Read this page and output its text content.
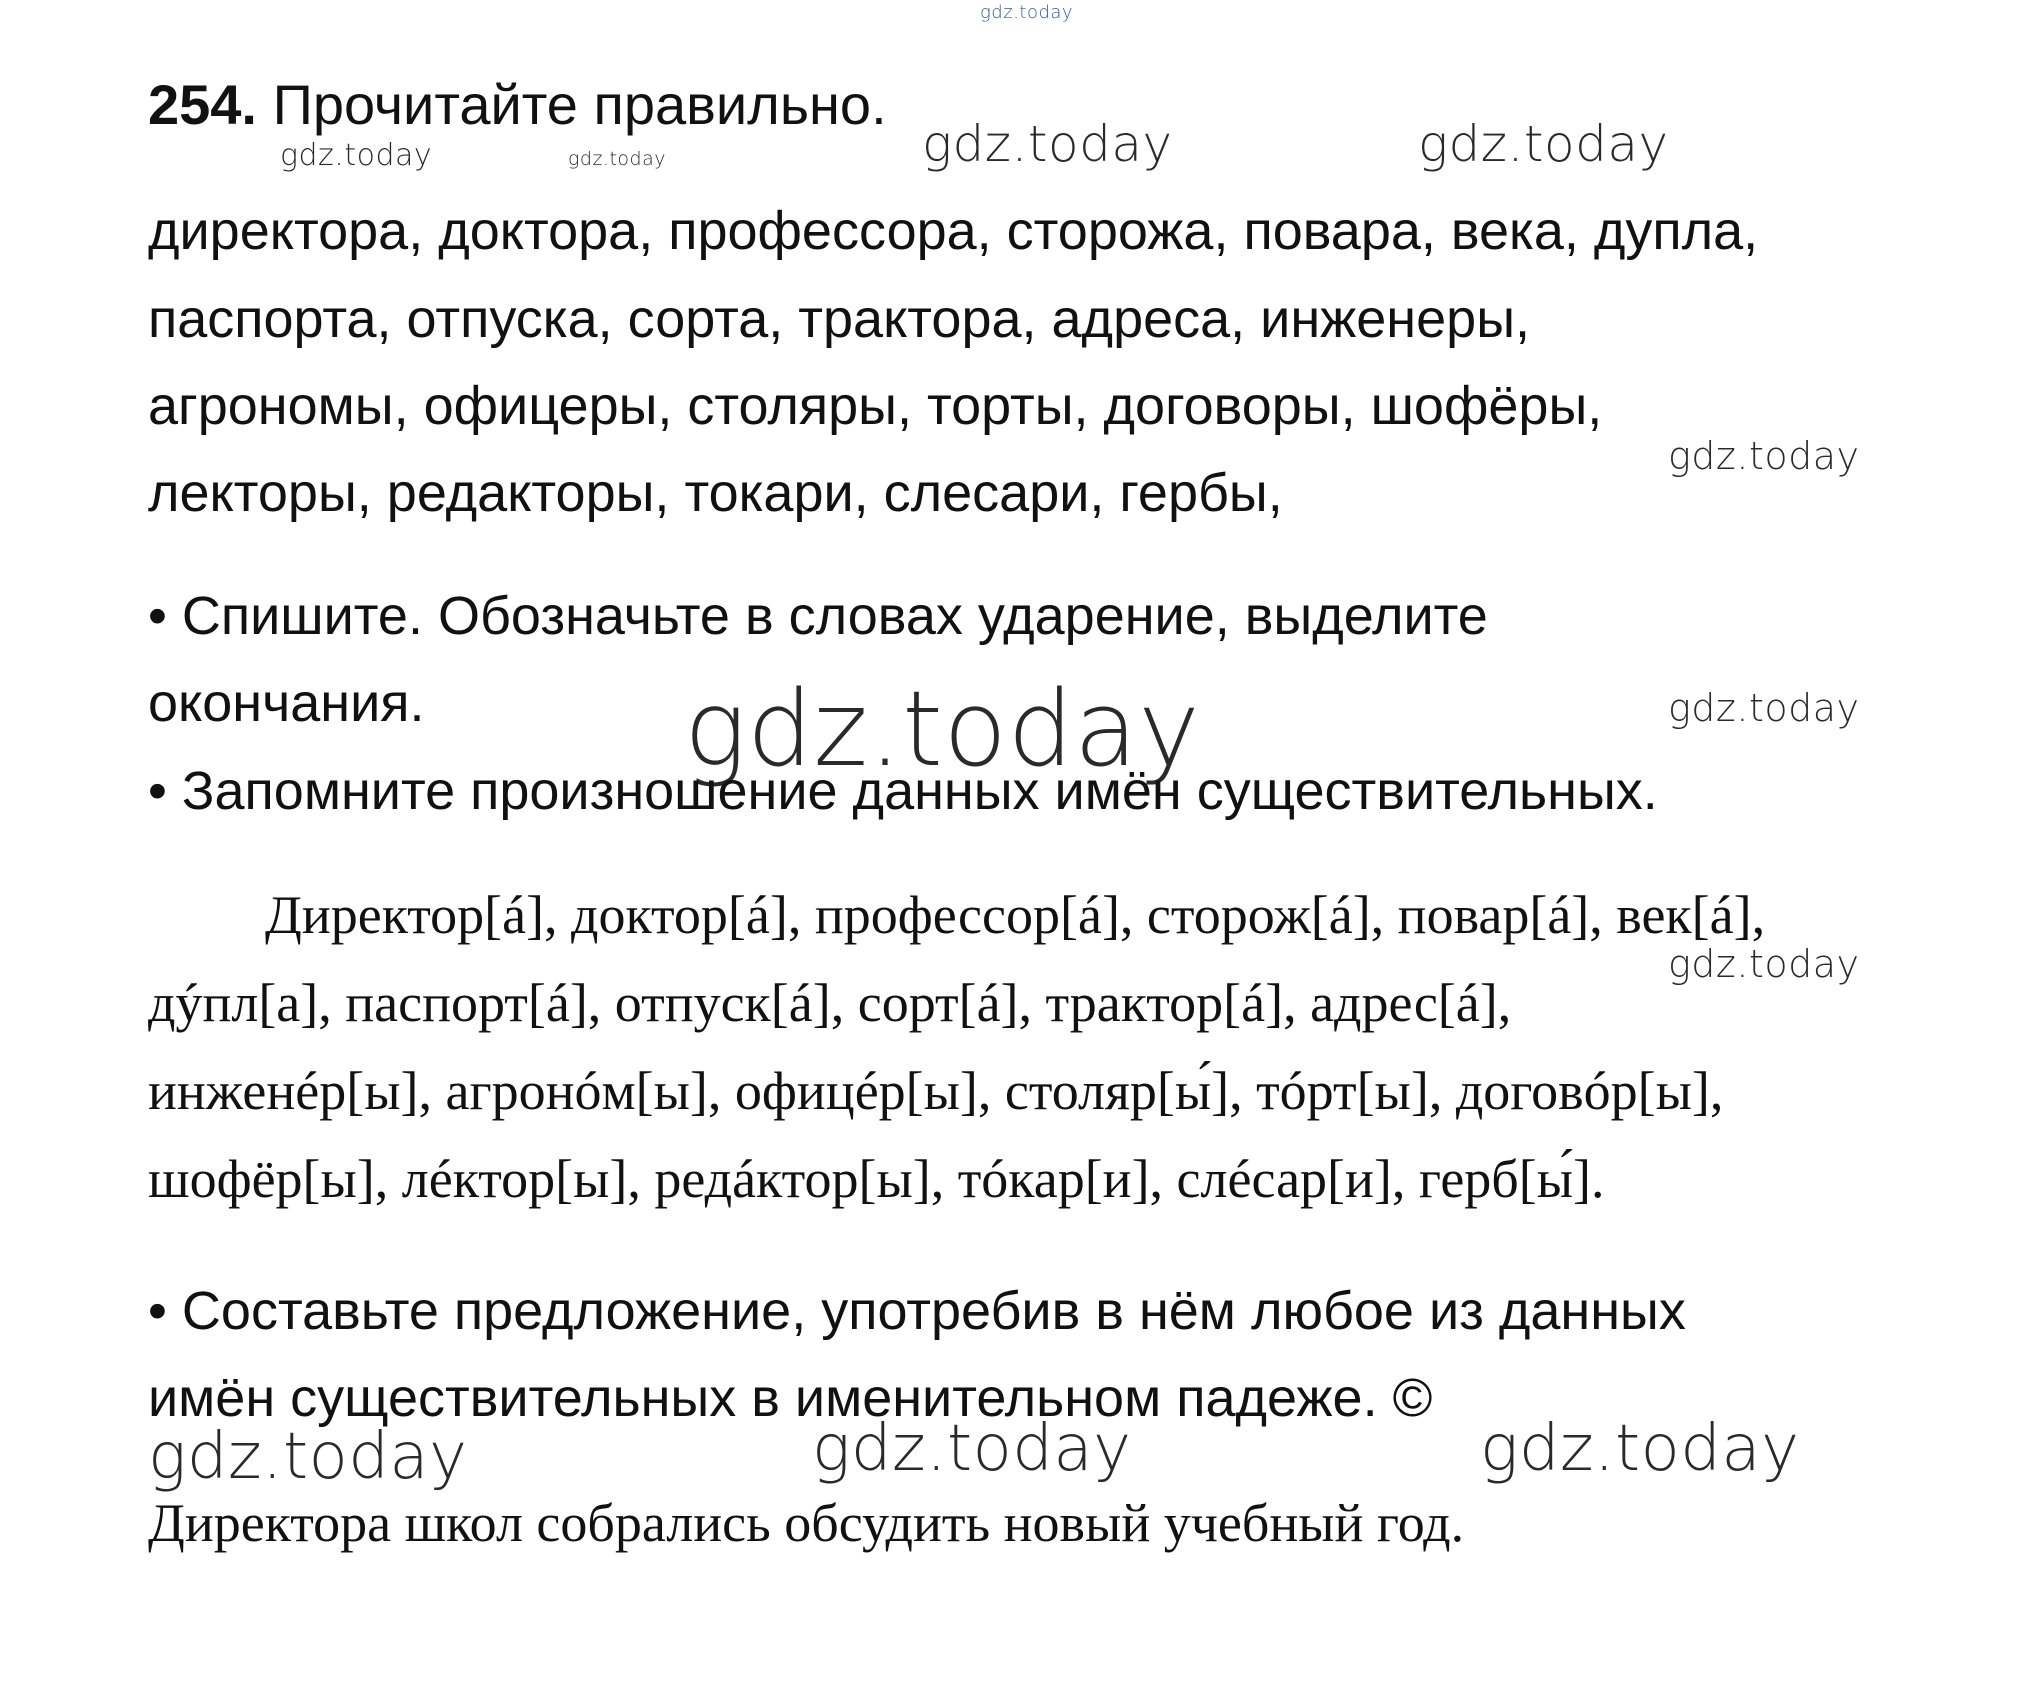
gdz.today
gdz.today	gdz.today	gdz.today	gdz.today
gdz.today
gdz.today	gdz.today
gdz.today
gdz.today	gdz.today	gdz.today
254. Прочитайте правильно.
директора, доктора, профессора, сторожа, повара, века, дупла,
паспорта, отпуска, сорта, трактора, адреса, инженеры,
агрономы, офицеры, столяры, торты, договоры, шофёры,
лекторы, редакторы, токари, слесари, гербы,
• Спишите. Обозначьте в словах ударение, выделите
окончания.
• Запомните произношение данных имён существительных.
Директор[á], доктор[á], профессор[á], сторож[á], повар[á], век[á],
дýпл[а], паспорт[á], отпуск[á], сорт[á], трактор[á], адрес[á],
инженéр[ы], агронóм[ы], офицéр[ы], столяр[ы́], тóрт[ы], договóр[ы],
шофёр[ы], лéктор[ы], редáктор[ы], тóкар[и], слéсар[и], герб[ы́].
• Составьте предложение, употребив в нём любое из данных
имён существительных в именительном падеже. ©
Директора школ собрались обсудить новый учебный год.
